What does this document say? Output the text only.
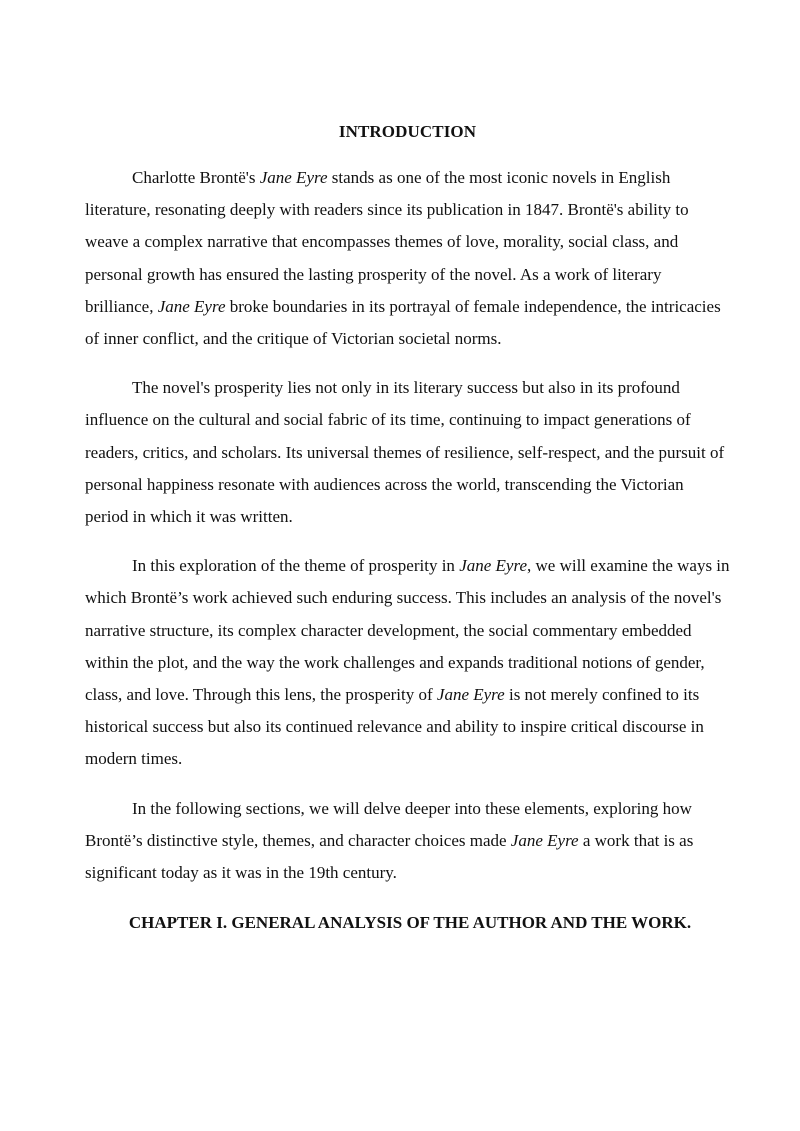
INTRODUCTION

Charlotte Brontë's Jane Eyre stands as one of the most iconic novels in English literature, resonating deeply with readers since its publication in 1847. Brontë's ability to weave a complex narrative that encompasses themes of love, morality, social class, and personal growth has ensured the lasting prosperity of the novel. As a work of literary brilliance, Jane Eyre broke boundaries in its portrayal of female independence, the intricacies of inner conflict, and the critique of Victorian societal norms.

The novel's prosperity lies not only in its literary success but also in its profound influence on the cultural and social fabric of its time, continuing to impact generations of readers, critics, and scholars. Its universal themes of resilience, self-respect, and the pursuit of personal happiness resonate with audiences across the world, transcending the Victorian period in which it was written.

In this exploration of the theme of prosperity in Jane Eyre, we will examine the ways in which Brontë’s work achieved such enduring success. This includes an analysis of the novel's narrative structure, its complex character development, the social commentary embedded within the plot, and the way the work challenges and expands traditional notions of gender, class, and love. Through this lens, the prosperity of Jane Eyre is not merely confined to its historical success but also its continued relevance and ability to inspire critical discourse in modern times.

In the following sections, we will delve deeper into these elements, exploring how Brontë’s distinctive style, themes, and character choices made Jane Eyre a work that is as significant today as it was in the 19th century.

CHAPTER I. GENERAL ANALYSIS OF THE AUTHOR AND THE WORK.
